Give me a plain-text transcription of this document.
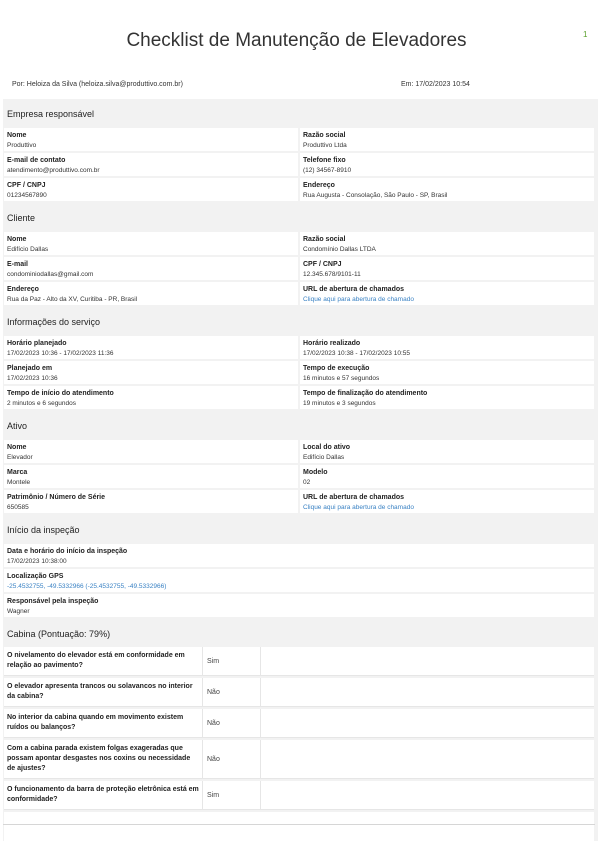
1
Checklist de Manutenção de Elevadores
Por: Heloiza da Silva (heloiza.silva@produttivo.com.br)	Em: 17/02/2023 10:54
Empresa responsável
Nome
Produttivo
E-mail de contato
atendimento@produttivo.com.br
CPF / CNPJ
01234567890
Razão social
Produttivo Ltda
Telefone fixo
(12) 34567-8910
Endereço
Rua Augusta - Consolação, São Paulo - SP, Brasil
Cliente
Nome
Edifício Dallas
E-mail
condominiodallas@gmail.com
Endereço
Rua da Paz - Alto da XV, Curitiba - PR, Brasil
Razão social
Condomínio Dallas LTDA
CPF / CNPJ
12.345.678/9101-11
URL de abertura de chamados
Clique aqui para abertura de chamado
Informações do serviço
Horário planejado
17/02/2023 10:36 - 17/02/2023 11:36
Planejado em
17/02/2023 10:36
Tempo de início do atendimento
2 minutos e 6 segundos
Horário realizado
17/02/2023 10:38 - 17/02/2023 10:55
Tempo de execução
16 minutos e 57 segundos
Tempo de finalização do atendimento
19 minutos e 3 segundos
Ativo
Nome
Elevador
Marca
Montele
Patrimônio / Número de Série
650585
Local do ativo
Edifício Dallas
Modelo
02
URL de abertura de chamados
Clique aqui para abertura de chamado
Início da inspeção
Data e horário do início da inspeção
17/02/2023 10:38:00
Localização GPS
-25.4532755, -49.5332966 (-25.4532755, -49.5332966)
Responsável pela inspeção
Wagner
Cabina (Pontuação: 79%)
O nivelamento do elevador está em conformidade em relação ao pavimento?
Sim
O elevador apresenta trancos ou solavancos no interior da cabina?
Não
No interior da cabina quando em movimento existem ruídos ou balanços?
Não
Com a cabina parada existem folgas exageradas que possam apontar desgastes nos coxins ou necessidade de ajustes?
Não
O funcionamento da barra de proteção eletrônica está em conformidade?
Sim
